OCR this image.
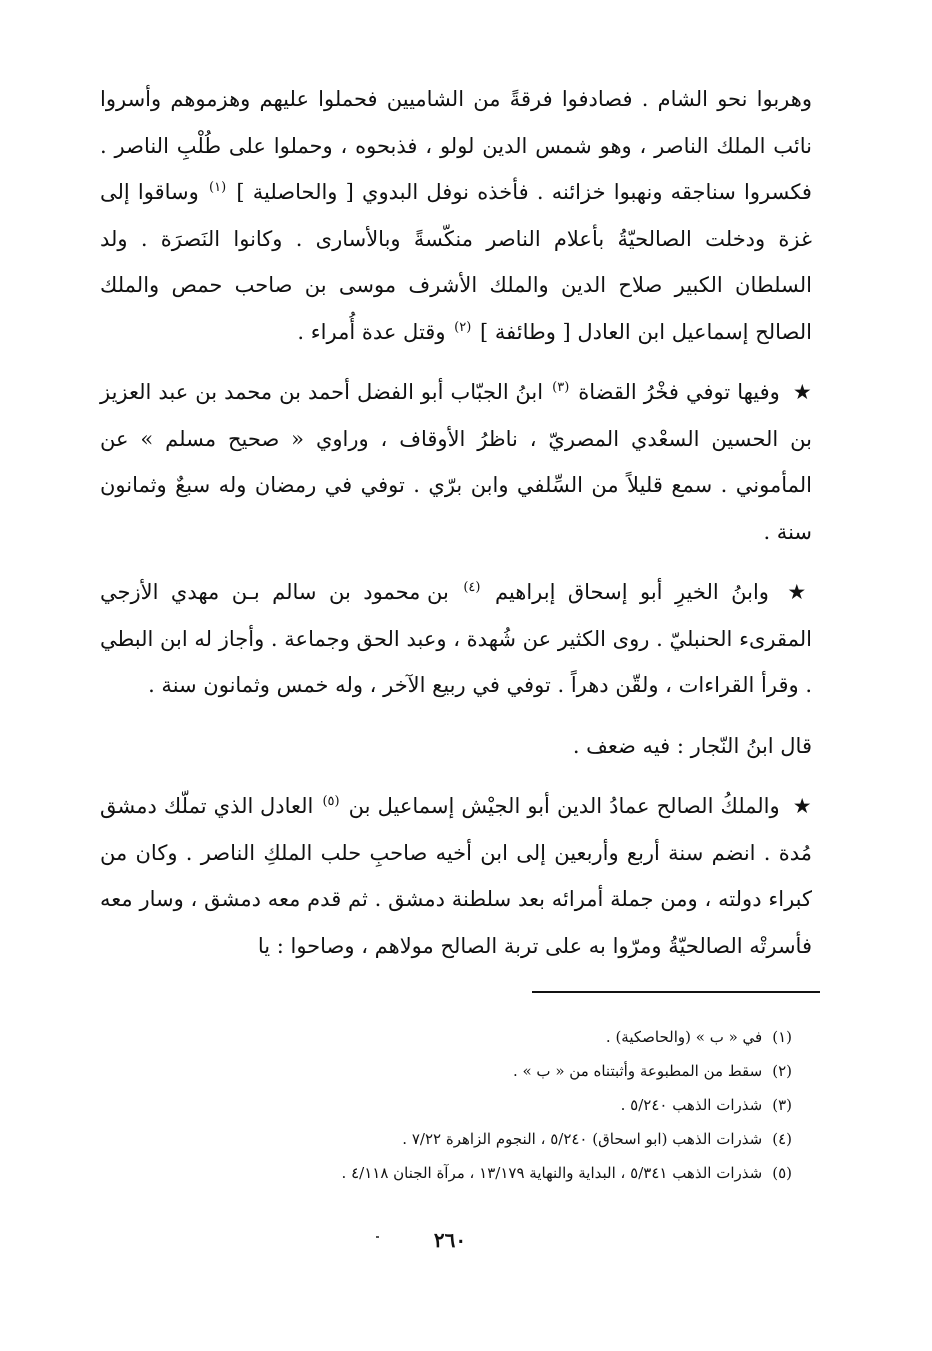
وهربوا نحو الشام . فصادفوا فرقةً من الشاميين فحملوا عليهم وهزموهم وأسروا نائب الملك الناصر ، وهو شمس الدين لولو ، فذبحوه ، وحملوا على طُلْبِ الناصر . فكسروا سناجقه ونهبوا خزائنه . فأخذه نوفل البدوي [ والحاصلية ] $^{(١)}$ وساقوا إلى غزة ودخلت الصالحيّةُ بأعلام الناصر منكّسةً وبالأسارى . وكانوا النَصرَة . ولد السلطان الكبير صلاح الدين والملك الأشرف موسى بن صاحب حمص والملك الصالح إسماعيل ابن العادل [ وطائفة ] $^{(٢)}$ وقتل عدة أُمراء .

★ وفيها توفي فخْرُ القضاة $^{(٣)}$ ابنُ الجبّاب أبو الفضل أحمد بن محمد بن عبد العزيز بن الحسين السعْدي المصريّ ، ناظرُ الأوقاف ، وراوي « صحيح مسلم » عن المأموني . سمع قليلاً من السِّلفي وابن برّي . توفي في رمضان وله سبعٌ وثمانون سنة .

★ وابنُ الخيرِ أبو إسحاق إبراهيم $^{(٤)}$ بن محمود بن سالم بـن مهدي الأزجي المقرىء الحنبليّ . روى الكثير عن شُهدة ، وعبد الحق وجماعة . وأجاز له ابن البطي . وقرأ القراءات ، ولقّن دهراً . توفي في ربيع الآخر ، وله خمس وثمانون سنة .

قال ابنُ النّجار : فيه ضعف .

★ والملكُ الصالح عمادُ الدين أبو الجيْش إسماعيل بن $^{(٥)}$ العادل الذي تملّك دمشق مُدة . انضم سنة أربع وأربعين إلى ابن أخيه صاحبِ حلب الملكِ الناصر . وكان من كبراء دولته ، ومن جملة أمرائه بعد سلطنة دمشق . ثم قدم معه دمشق ، وسار معه فأسرتْه الصالحيّةُ ومرّوا به على تربة الصالح مولاهم ، وصاحوا : يا

(١)في « ب » (والحاصكية) .

(٢)سقط من المطبوعة وأثبتناه من « ب » .

(٣)شذرات الذهب ٥/٢٤٠ .

(٤)شذرات الذهب (ابو اسحاق) ٥/٢٤٠ ، النجوم الزاهرة ٧/٢٢ .

(٥)شذرات الذهب ٥/٣٤١ ، البداية والنهاية ١٣/١٧٩ ، مرآة الجنان ٤/١١٨ .

٢٦٠
